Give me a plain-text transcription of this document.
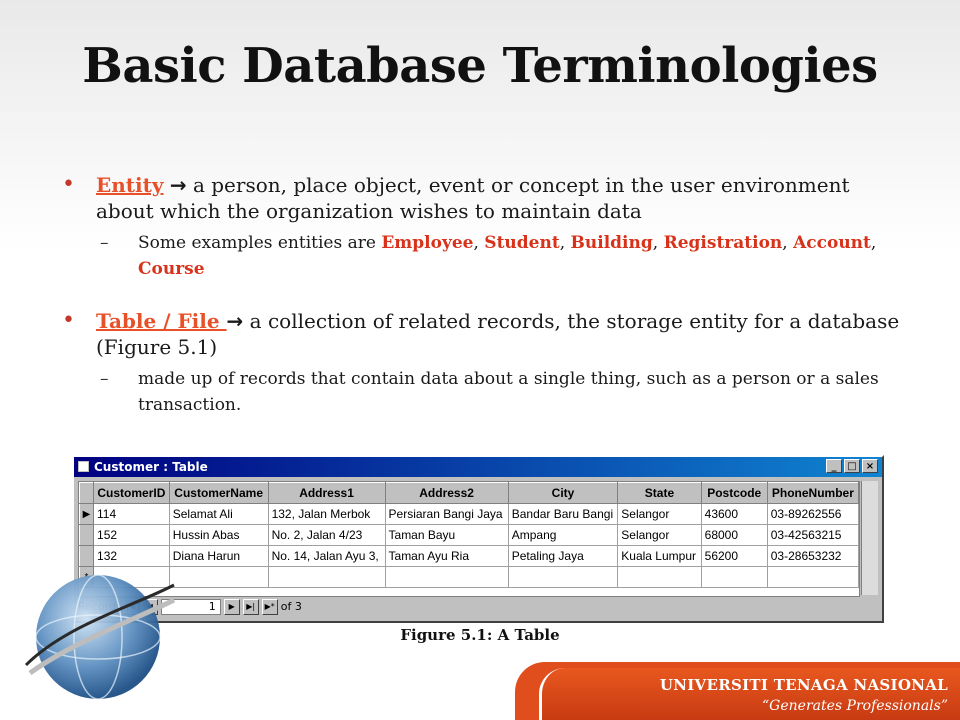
Basic Database Terminologies
• Entity → a person, place object, event or concept in the user environment about which the organization wishes to maintain data
– Some examples entities are Employee, Student, Building, Registration, Account, Course
• Table / File → a collection of related records, the storage entity for a database (Figure 5.1)
– made up of records that contain data about a single thing, such as a person or a sales transaction.
Customer : Table	_	□ ×
	CustomerID	CustomerName	Address1	Address2	City	State	Postcode	PhoneNumber
▶	114	Selamat Ali	132, Jalan Merbok	Persiaran Bangi Jaya	Bandar Baru Bangi	Selangor	43600	03-89262556
	152	Hussin Abas	No. 2, Jalan 4/23	Taman Bayu	Ampang	Selangor	68000	03-42563215
	132	Diana Harun	No. 14, Jalan Ayu 3,	Taman Ayu Ria	Petaling Jaya	Kuala Lumpur	56200	03-28653232

1	▶	▶|	▶* of 3
Figure 5.1: A Table
UNIVERSITI TENAGA NASIONAL
“Generates Professionals”
